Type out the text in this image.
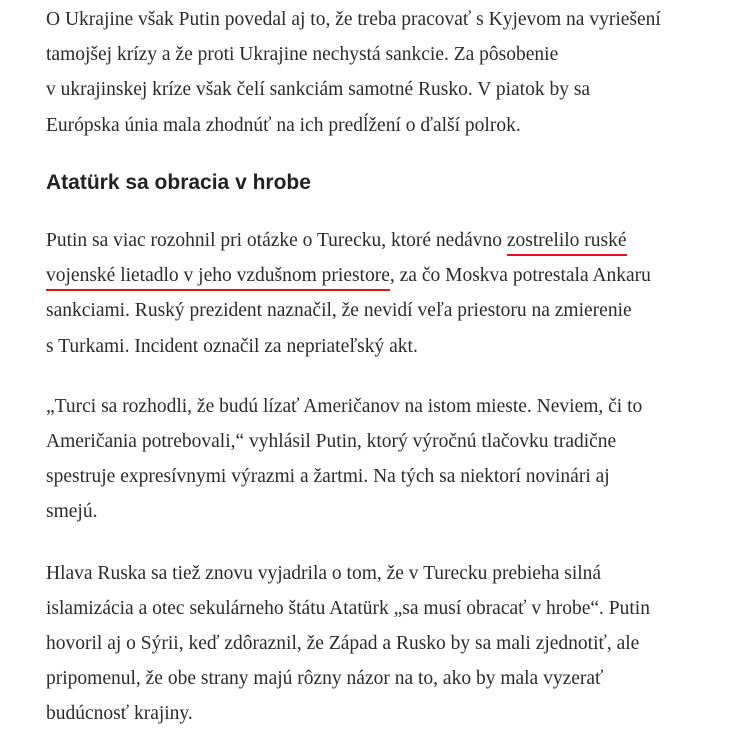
O Ukrajine však Putin povedal aj to, že treba pracovať s Kyjevom na vyriešení
tamojšej krízy a že proti Ukrajine nechystá sankcie. Za pôsobenie
v ukrajinskej kríze však čelí sankciám samotné Rusko. V piatok by sa
Európska únia mala zhodnúť na ich predĺžení o ďalší polrok.
Atatürk sa obracia v hrobe
Putin sa viac rozohnil pri otázke o Turecku, ktoré nedávno zostrelilo ruské
vojenské lietadlo v jeho vzdušnom priestore, za čo Moskva potrestala Ankaru
sankciami. Ruský prezident naznačil, že nevidí veľa priestoru na zmierenie
s Turkami. Incident označil za nepriateľský akt.
„Turci sa rozhodli, že budú lízať Američanov na istom mieste. Neviem, či to
Američania potrebovali,“ vyhlásil Putin, ktorý výročnú tlačovku tradične
spestruje expresívnymi výrazmi a žartmi. Na tých sa niektorí novinári aj
smejú.
Hlava Ruska sa tiež znovu vyjadrila o tom, že v Turecku prebieha silná
islamizácia a otec sekulárneho štátu Atatürk „sa musí obracať v hrobe“. Putin
hovoril aj o Sýrii, keď zdôraznil, že Západ a Rusko by sa mali zjednotiť, ale
pripomenul, že obe strany majú rôzny názor na to, ako by mala vyzerať
budúcnosť krajiny.
